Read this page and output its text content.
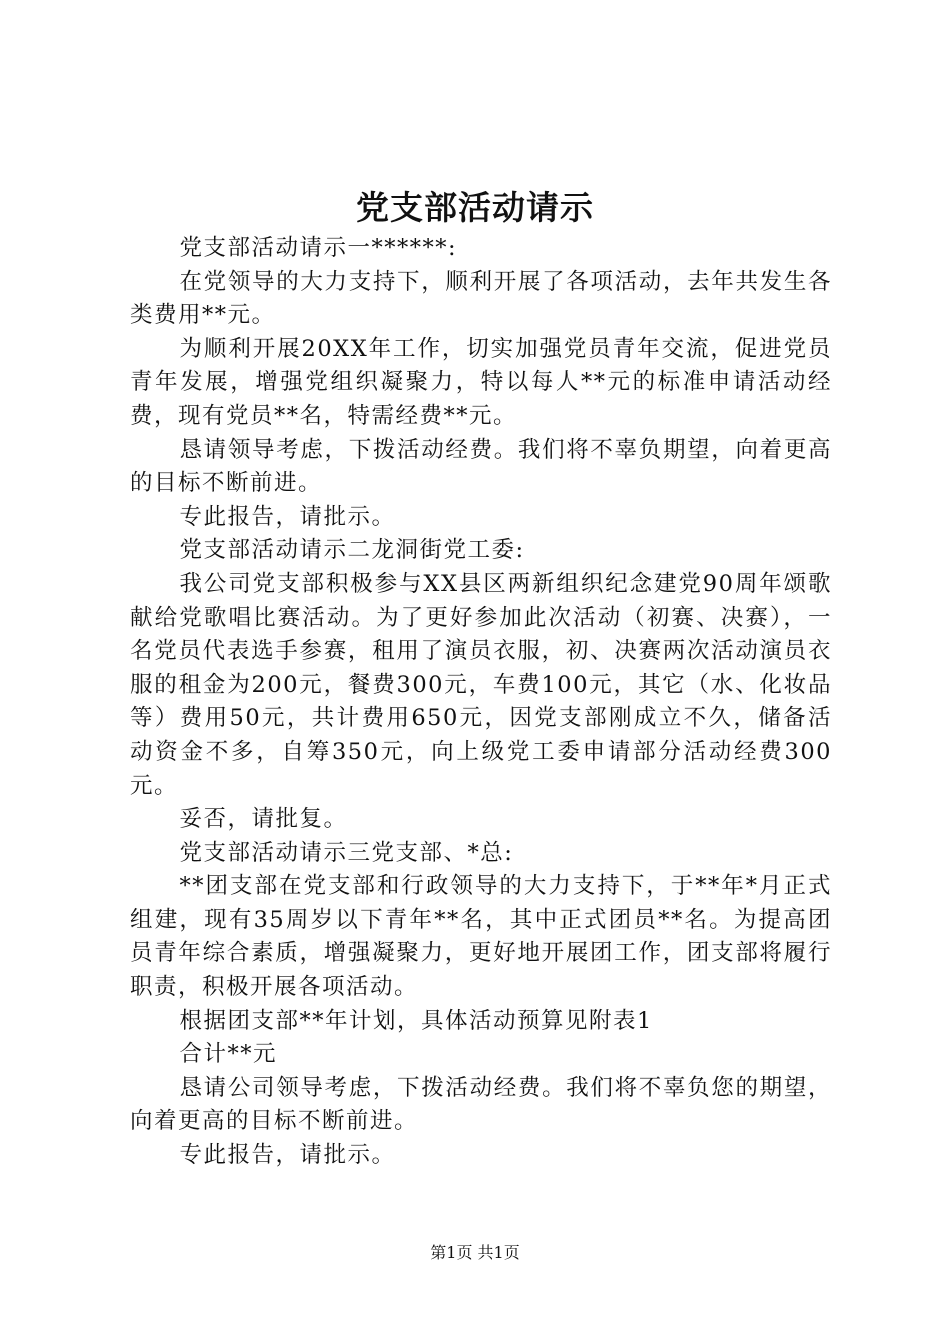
党支部活动请示

党支部活动请示一******:

在党领导的大力支持下，顺利开展了各项活动，去年共发生各类费用**元。

为顺利开展20XX年工作，切实加强党员青年交流，促进党员青年发展，增强党组织凝聚力，特以每人**元的标准申请活动经费，现有党员**名，特需经费**元。

恳请领导考虑，下拨活动经费。我们将不辜负期望，向着更高的目标不断前进。

专此报告，请批示。

党支部活动请示二龙洞街党工委:

我公司党支部积极参与XX县区两新组织纪念建党90周年颂歌献给党歌唱比赛活动。为了更好参加此次活动（初赛、决赛），一名党员代表选手参赛，租用了演员衣服，初、决赛两次活动演员衣服的租金为200元，餐费300元，车费100元，其它（水、化妆品等）费用50元，共计费用650元，因党支部刚成立不久，储备活动资金不多，自筹350元，向上级党工委申请部分活动经费300元。

妥否，请批复。

党支部活动请示三党支部、*总:

**团支部在党支部和行政领导的大力支持下，于**年*月正式组建，现有35周岁以下青年**名，其中正式团员**名。为提高团员青年综合素质，增强凝聚力，更好地开展团工作，团支部将履行职责，积极开展各项活动。

根据团支部**年计划，具体活动预算见附表1

合计**元

恳请公司领导考虑，下拨活动经费。我们将不辜负您的期望，向着更高的目标不断前进。

专此报告，请批示。

第1页 共1页
